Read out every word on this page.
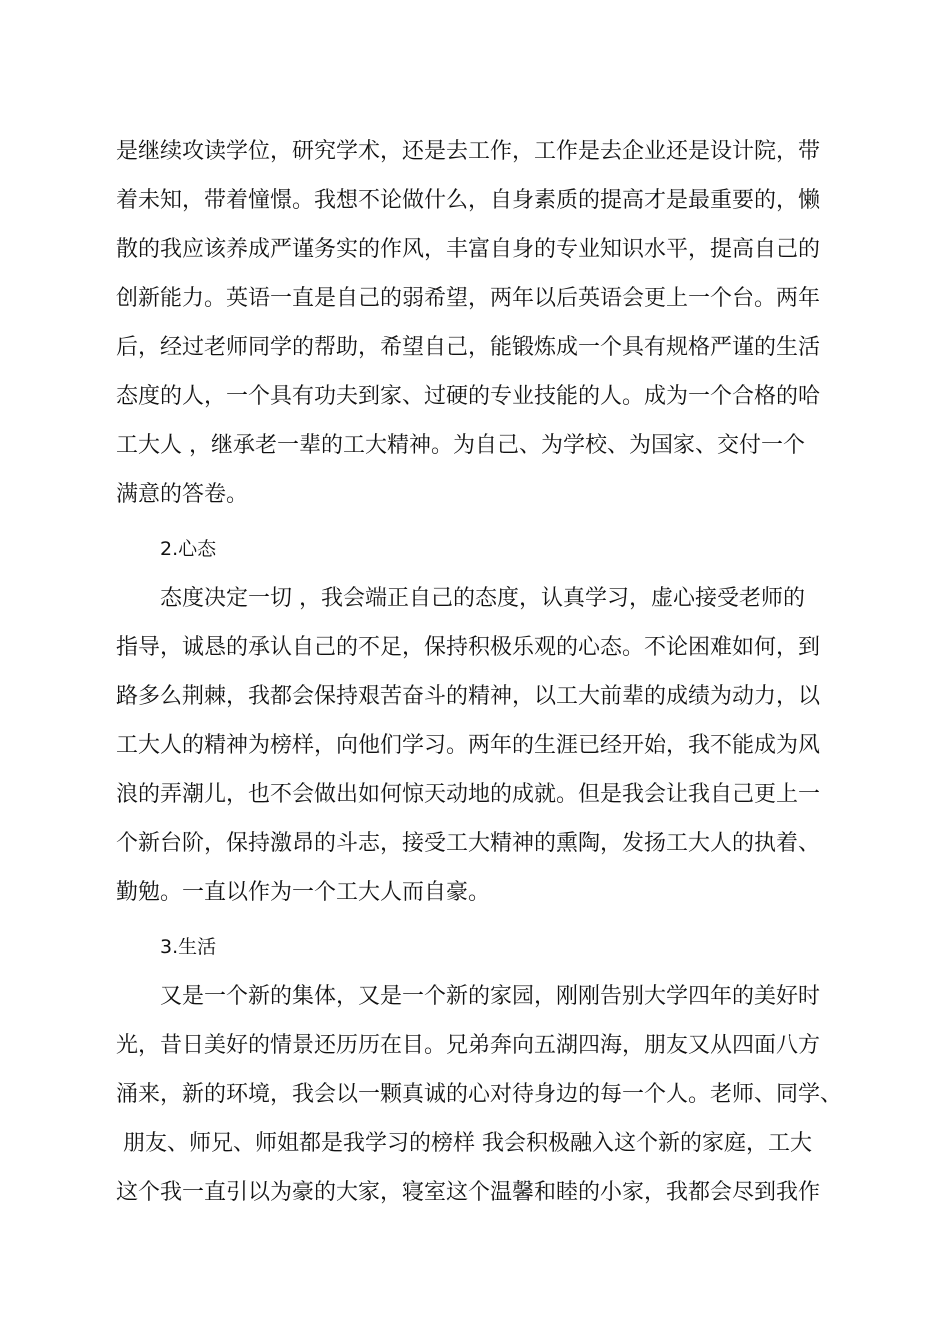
是继续攻读学位，研究学术，还是去工作，工作是去企业还是设计院，带
着未知，带着憧憬。我想不论做什么，自身素质的提高才是最重要的，懒
散的我应该养成严谨务实的作风，丰富自身的专业知识水平，提高自己的
创新能力。英语一直是自己的弱希望，两年以后英语会更上一个台。两年
后，经过老师同学的帮助，希望自己，能锻炼成一个具有规格严谨的生活
态度的人，一个具有功夫到家、过硬的专业技能的人。成为一个合格的哈
工大人 ，继承老一辈的工大精神。为自己、为学校、为国家、交付一个
满意的答卷。
2.心态
态度决定一切 ，我会端正自己的态度，认真学习，虚心接受老师的
指导，诚恳的承认自己的不足，保持积极乐观的心态。不论困难如何，到
路多么荆棘，我都会保持艰苦奋斗的精神，以工大前辈的成绩为动力，以
工大人的精神为榜样，向他们学习。两年的生涯已经开始，我不能成为风
浪的弄潮儿，也不会做出如何惊天动地的成就。但是我会让我自己更上一
个新台阶，保持激昂的斗志，接受工大精神的熏陶，发扬工大人的执着、
勤勉。一直以作为一个工大人而自豪。
3.生活
又是一个新的集体，又是一个新的家园，刚刚告别大学四年的美好时
光，昔日美好的情景还历历在目。兄弟奔向五湖四海，朋友又从四面八方
涌来，新的环境，我会以一颗真诚的心对待身边的每一个人。老师、同学、
朋友、师兄、师姐都是我学习的榜样 我会积极融入这个新的家庭，工大
这个我一直引以为豪的大家，寝室这个温馨和睦的小家，我都会尽到我作
